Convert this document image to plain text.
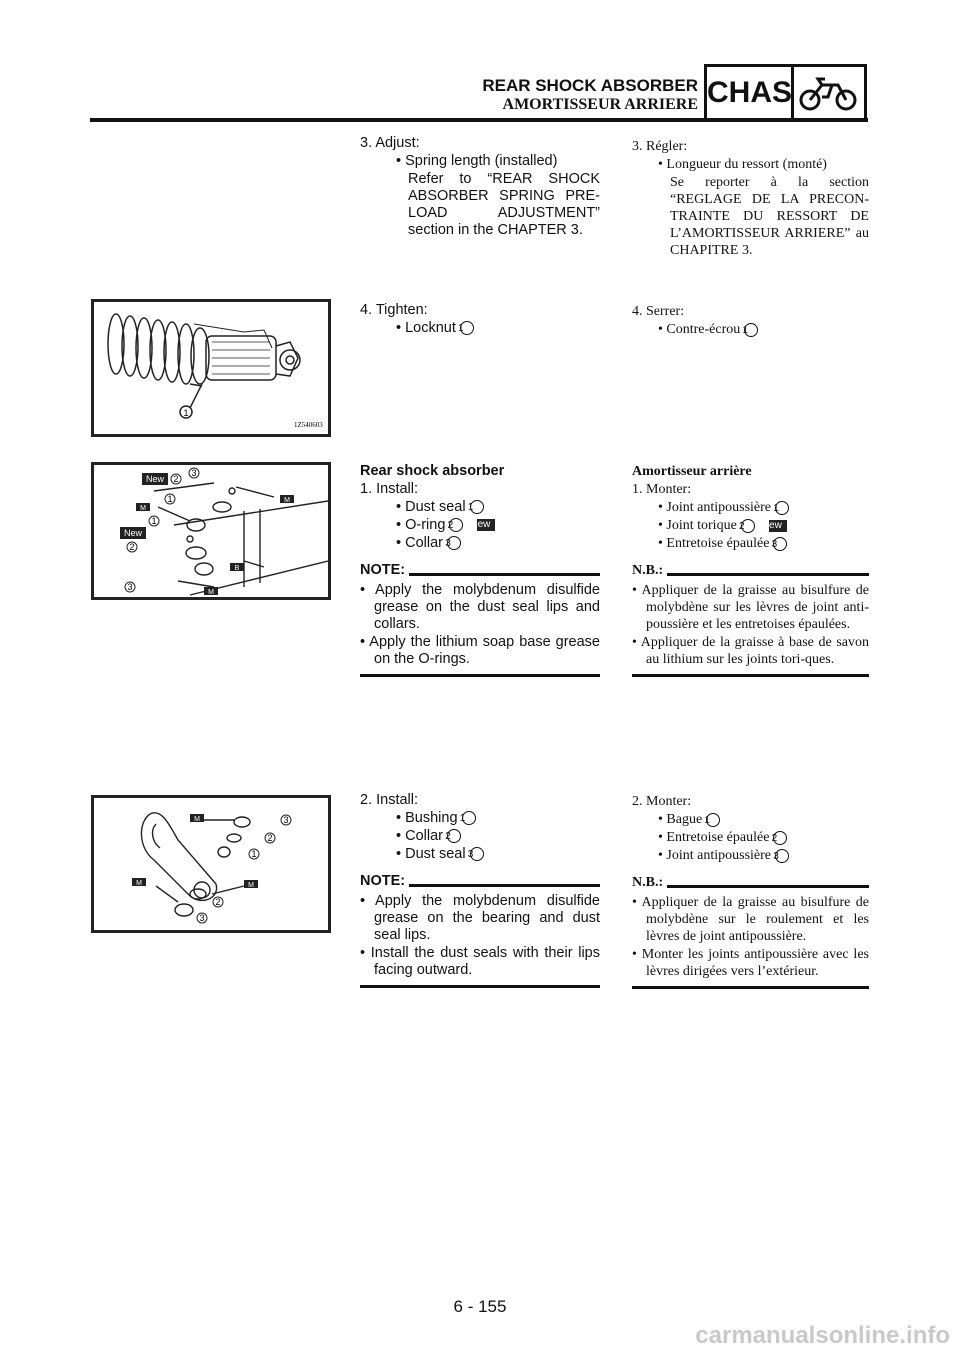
REAR SHOCK ABSORBER
AMORTISSEUR ARRIERE CHAS
3. Adjust:
• Spring length (installed)
Refer to “REAR SHOCK ABSORBER SPRING PRE-LOAD ADJUSTMENT” section in the CHAPTER 3.
3. Régler:
• Longueur du ressort (monté)
Se reporter à la section “REGLAGE DE LA PRECON-TRAINTE DU RESSORT DE L’AMORTISSEUR ARRIERE” au CHAPITRE 3.
1
1Z540603
4. Tighten:
• Locknut 1
4. Serrer:
• Contre-écrou 1
New 2
3
1
1
New
2
3
M
M
M
B
Rear shock absorber
1. Install:
• Dust seal 1
• O-ring 2 New
• Collar 3
NOTE:
• Apply the molybdenum disulfide grease on the dust seal lips and collars.
• Apply the lithium soap base grease on the O-rings.
Amortisseur arrière
1. Monter:
• Joint antipoussière 1
• Joint torique 2 New
• Entretoise épaulée 3
N.B.:
• Appliquer de la graisse au bisulfure de molybdène sur les lèvres de joint anti-poussière et les entretoises épaulées.
• Appliquer de la graisse à base de savon au lithium sur les joints tori-ques.
3
2
1
2
3
M
M	M
2. Install:
• Bushing 1
• Collar 2
• Dust seal 3
NOTE:
• Apply the molybdenum disulfide grease on the bearing and dust seal lips.
• Install the dust seals with their lips facing outward.
2. Monter:
• Bague 1
• Entretoise épaulée 2
• Joint antipoussière 3
N.B.:
• Appliquer de la graisse au bisulfure de molybdène sur le roulement et les lèvres de joint antipoussière.
• Monter les joints antipoussière avec les lèvres dirigées vers l’extérieur.
6 - 155
carmanualsonline.info
